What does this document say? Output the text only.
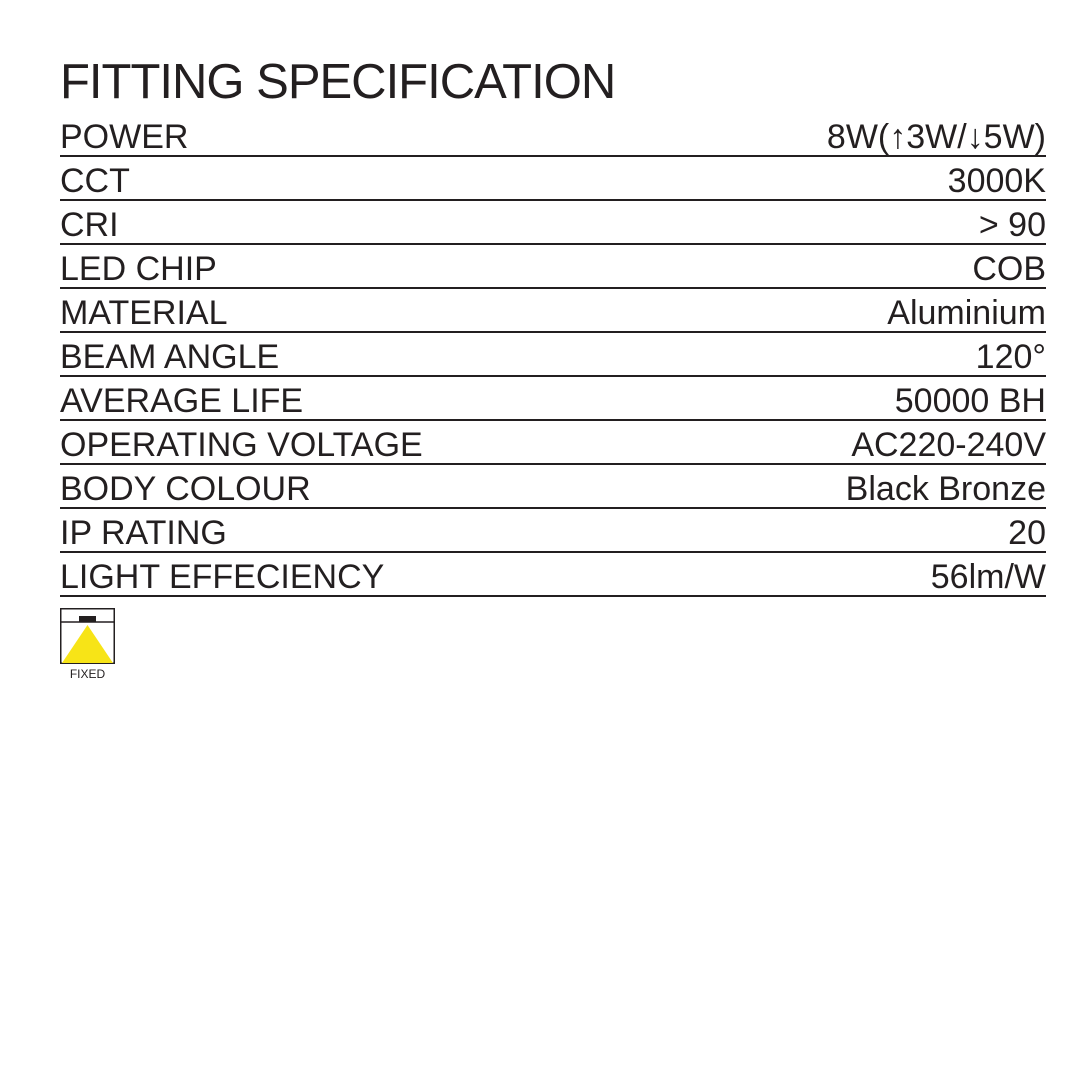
FITTING SPECIFICATION
POWER	8W(↑3W/↓5W)
CCT	3000K
CRI	> 90
LED CHIP	COB
MATERIAL	Aluminium
BEAM ANGLE	120°
AVERAGE LIFE	50000 BH
OPERATING VOLTAGE	AC220-240V
BODY COLOUR	Black Bronze
IP RATING	20
LIGHT EFFECIENCY	56lm/W
FIXED
